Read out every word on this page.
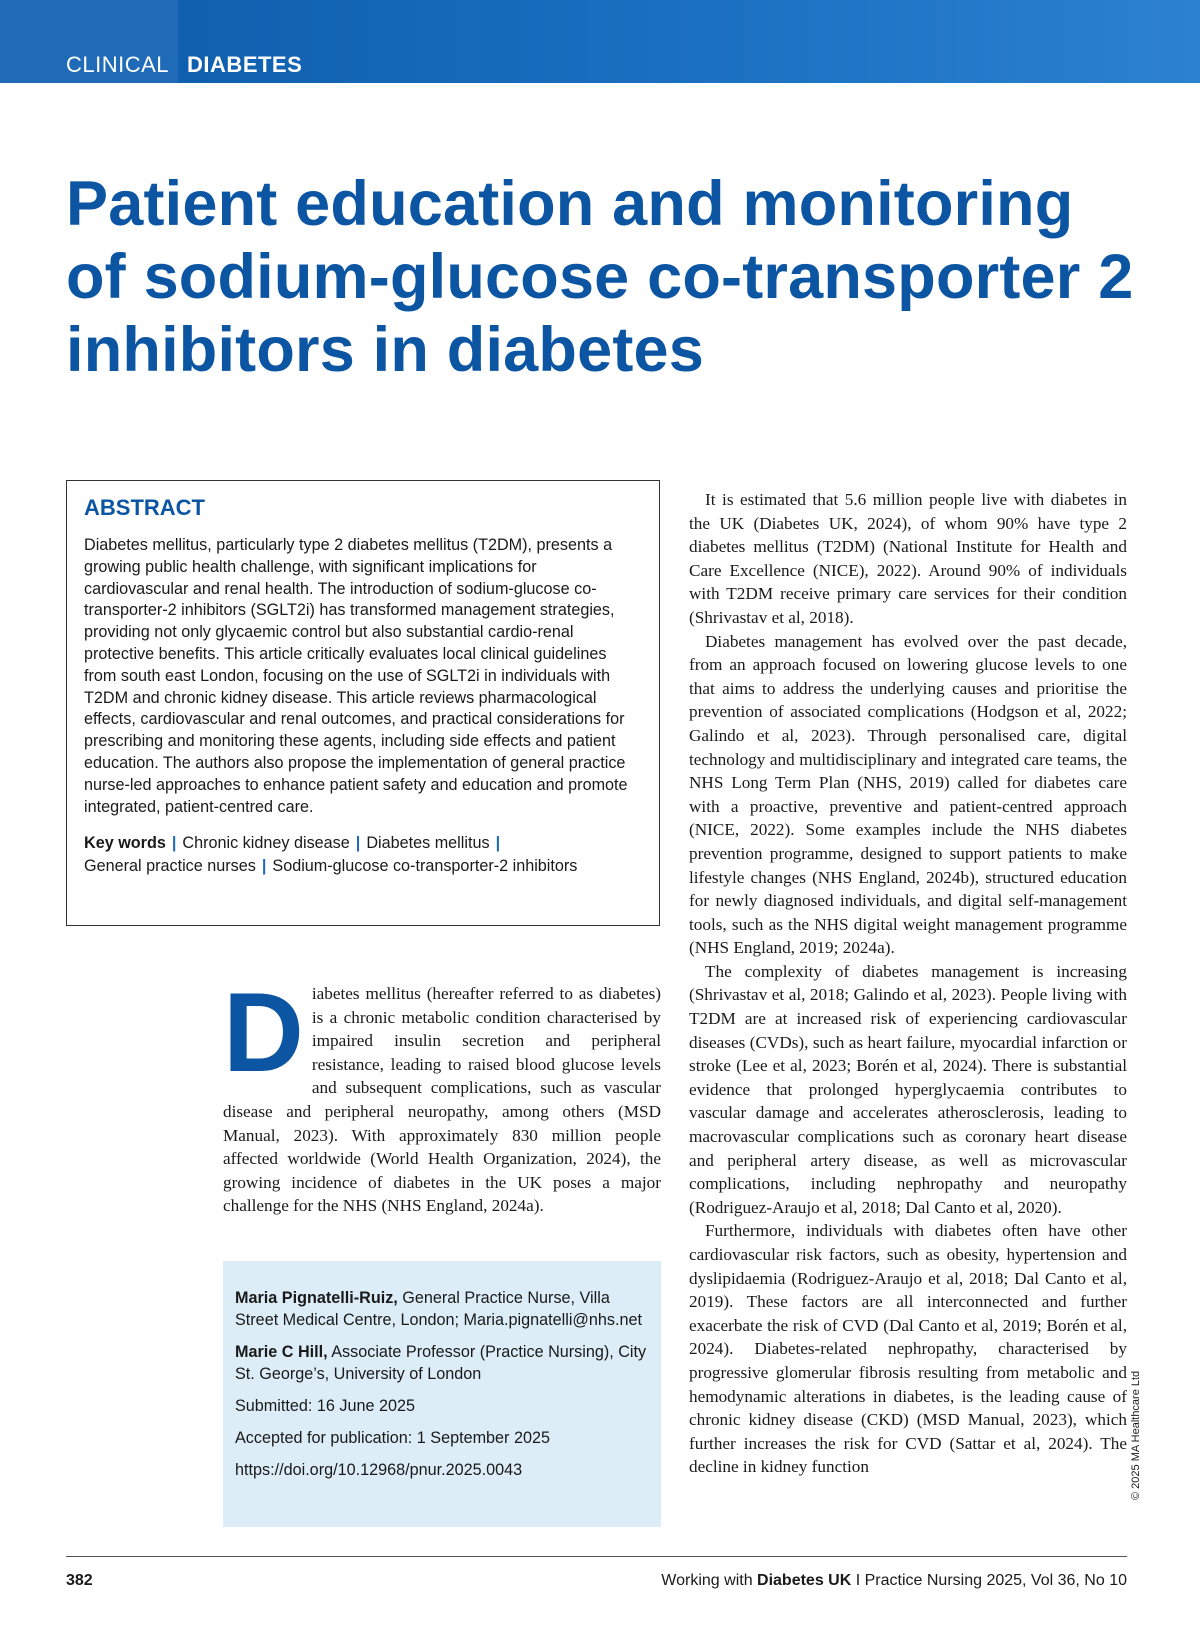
CLINICAL DIABETES
Patient education and monitoring of sodium-glucose co-transporter 2 inhibitors in diabetes
ABSTRACT

Diabetes mellitus, particularly type 2 diabetes mellitus (T2DM), presents a growing public health challenge, with significant implications for cardiovascular and renal health. The introduction of sodium-glucose co-transporter-2 inhibitors (SGLT2i) has transformed management strategies, providing not only glycaemic control but also substantial cardio-renal protective benefits. This article critically evaluates local clinical guidelines from south east London, focusing on the use of SGLT2i in individuals with T2DM and chronic kidney disease. This article reviews pharmacological effects, cardiovascular and renal outcomes, and practical considerations for prescribing and monitoring these agents, including side effects and patient education. The authors also propose the implementation of general practice nurse-led approaches to enhance patient safety and education and promote integrated, patient-centred care.

Key words | Chronic kidney disease | Diabetes mellitus |
General practice nurses | Sodium-glucose co-transporter-2 inhibitors

Diabetes mellitus (hereafter referred to as diabetes) is a chronic metabolic condition characterised by impaired insulin secretion and peripheral resistance, leading to raised blood glucose levels and subsequent complications, such as vascular disease and peripheral neuropathy, among others (MSD Manual, 2023). With approximately 830 million people affected worldwide (World Health Organization, 2024), the growing incidence of diabetes in the UK poses a major challenge for the NHS (NHS England, 2024a).

Maria Pignatelli-Ruiz, General Practice Nurse, Villa Street Medical Centre, London; Maria.pignatelli@nhs.net

Marie C Hill, Associate Professor (Practice Nursing), City St. George’s, University of London

Submitted: 16 June 2025

Accepted for publication: 1 September 2025

https://doi.org/10.12968/pnur.2025.0043

It is estimated that 5.6 million people live with diabetes in the UK (Diabetes UK, 2024), of whom 90% have type 2 diabetes mellitus (T2DM) (National Institute for Health and Care Excellence (NICE), 2022). Around 90% of individuals with T2DM receive primary care services for their condition (Shrivastav et al, 2018).

Diabetes management has evolved over the past decade, from an approach focused on lowering glucose levels to one that aims to address the underlying causes and prioritise the prevention of associated complications (Hodgson et al, 2022; Galindo et al, 2023). Through personalised care, digital technology and multidisciplinary and integrated care teams, the NHS Long Term Plan (NHS, 2019) called for diabetes care with a proactive, preventive and patient-centred approach (NICE, 2022). Some examples include the NHS diabetes prevention programme, designed to support patients to make lifestyle changes (NHS England, 2024b), structured education for newly diagnosed individuals, and digital self-management tools, such as the NHS digital weight management programme (NHS England, 2019; 2024a).

The complexity of diabetes management is increasing (Shrivastav et al, 2018; Galindo et al, 2023). People living with T2DM are at increased risk of experiencing cardiovascular diseases (CVDs), such as heart failure, myocardial infarction or stroke (Lee et al, 2023; Borén et al, 2024). There is substantial evidence that prolonged hyperglycaemia contributes to vascular damage and accelerates atherosclerosis, leading to macrovascular complications such as coronary heart disease and peripheral artery disease, as well as microvascular complications, including nephropathy and neuropathy (Rodriguez-Araujo et al, 2018; Dal Canto et al, 2020).

Furthermore, individuals with diabetes often have other cardiovascular risk factors, such as obesity, hypertension and dyslipidaemia (Rodriguez-Araujo et al, 2018; Dal Canto et al, 2019). These factors are all interconnected and further exacerbate the risk of CVD (Dal Canto et al, 2019; Borén et al, 2024). Diabetes-related nephropathy, characterised by progressive glomerular fibrosis resulting from metabolic and hemodynamic alterations in diabetes, is the leading cause of chronic kidney disease (CKD) (MSD Manual, 2023), which further increases the risk for CVD (Sattar et al, 2024). The decline in kidney function	© 2025 MA Healthcare Ltd
382	Working with Diabetes UK I Practice Nursing 2025, Vol 36, No 10
